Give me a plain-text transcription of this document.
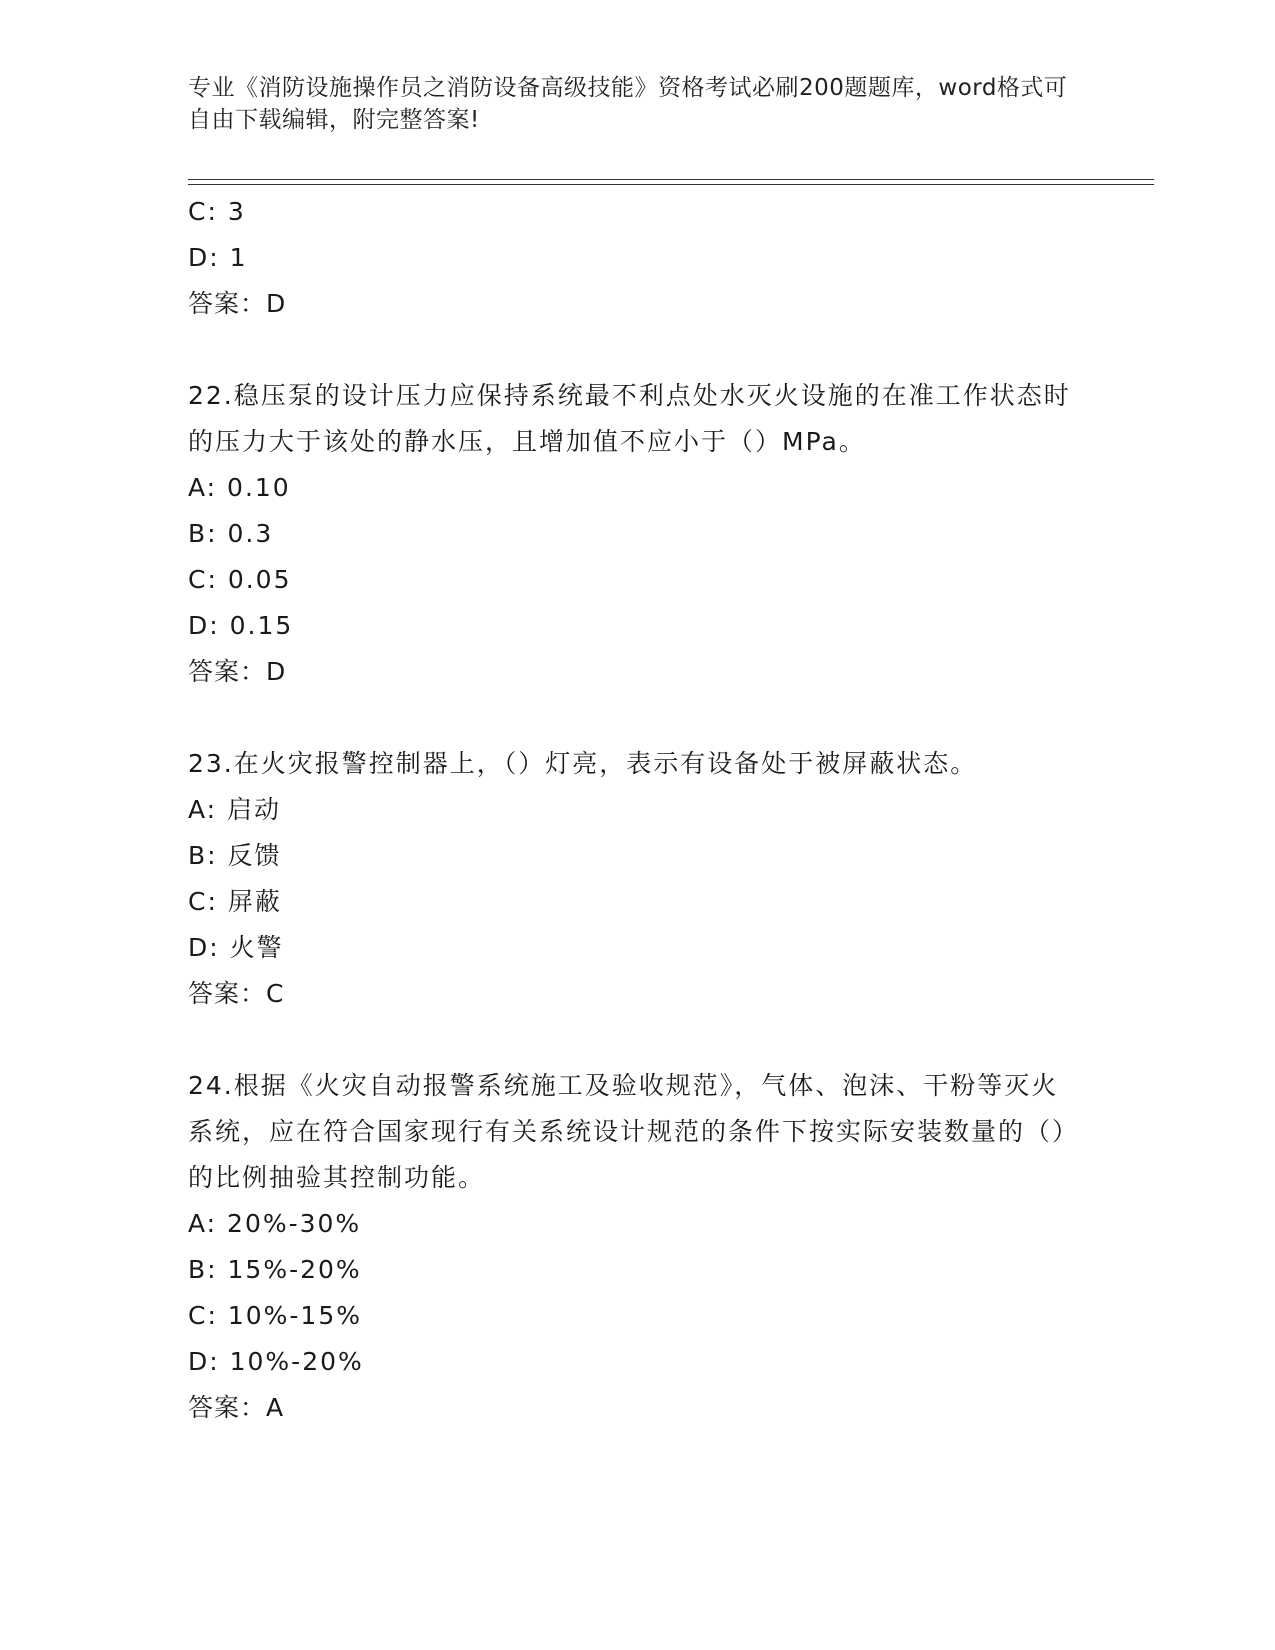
专业《消防设施操作员之消防设备高级技能》资格考试必刷200题题库，word格式可自由下载编辑，附完整答案!
C: 3
D: 1
答案：D
22.稳压泵的设计压力应保持系统最不利点处水灭火设施的在准工作状态时的压力大于该处的静水压，且增加值不应小于（）MPa。
A: 0.10
B: 0.3
C: 0.05
D: 0.15
答案：D
23.在火灾报警控制器上，（）灯亮，表示有设备处于被屏蔽状态。
A: 启动
B: 反馈
C: 屏蔽
D: 火警
答案：C
24.根据《火灾自动报警系统施工及验收规范》，气体、泡沫、干粉等灭火系统，应在符合国家现行有关系统设计规范的条件下按实际安装数量的（）的比例抽验其控制功能。
A: 20%-30%
B: 15%-20%
C: 10%-15%
D: 10%-20%
答案：A
